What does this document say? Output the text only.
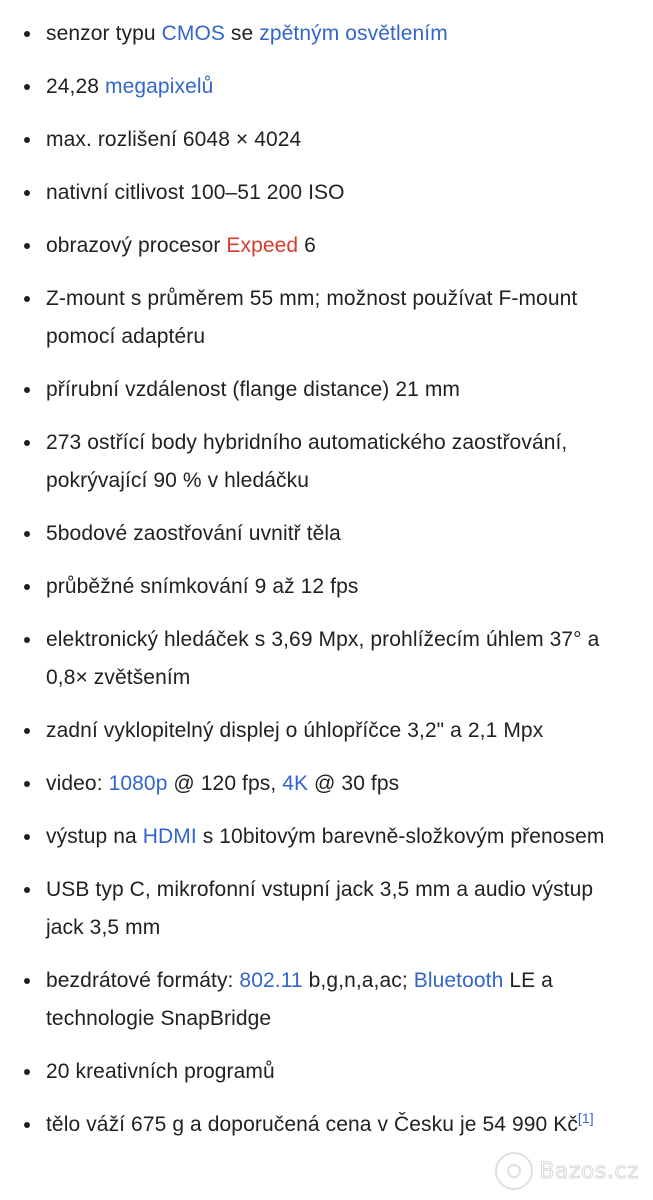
senzor typu CMOS se zpětným osvětlením
24,28 megapixelů
max. rozlišení 6048 × 4024
nativní citlivost 100–51 200 ISO
obrazový procesor Expeed 6
Z-mount s průměrem 55 mm; možnost používat F-mount pomocí adaptéru
přírubní vzdálenost (flange distance) 21 mm
273 ostřící body hybridního automatického zaostřování, pokrývající 90 % v hledáčku
5bodové zaostřování uvnitř těla
průběžné snímkování 9 až 12 fps
elektronický hledáček s 3,69 Mpx, prohlížecím úhlem 37° a 0,8× zvětšením
zadní vyklopitelný displej o úhlopříčce 3,2" a 2,1 Mpx
video: 1080p @ 120 fps, 4K @ 30 fps
výstup na HDMI s 10bitovým barevně-složkovým přenosem
USB typ C, mikrofonní vstupní jack 3,5 mm a audio výstup jack 3,5 mm
bezdrátové formáty: 802.11 b,g,n,a,ac; Bluetooth LE a technologie SnapBridge
20 kreativních programů
tělo váží 675 g a doporučená cena v Česku je 54 990 Kč[1]
Bazos.cz
